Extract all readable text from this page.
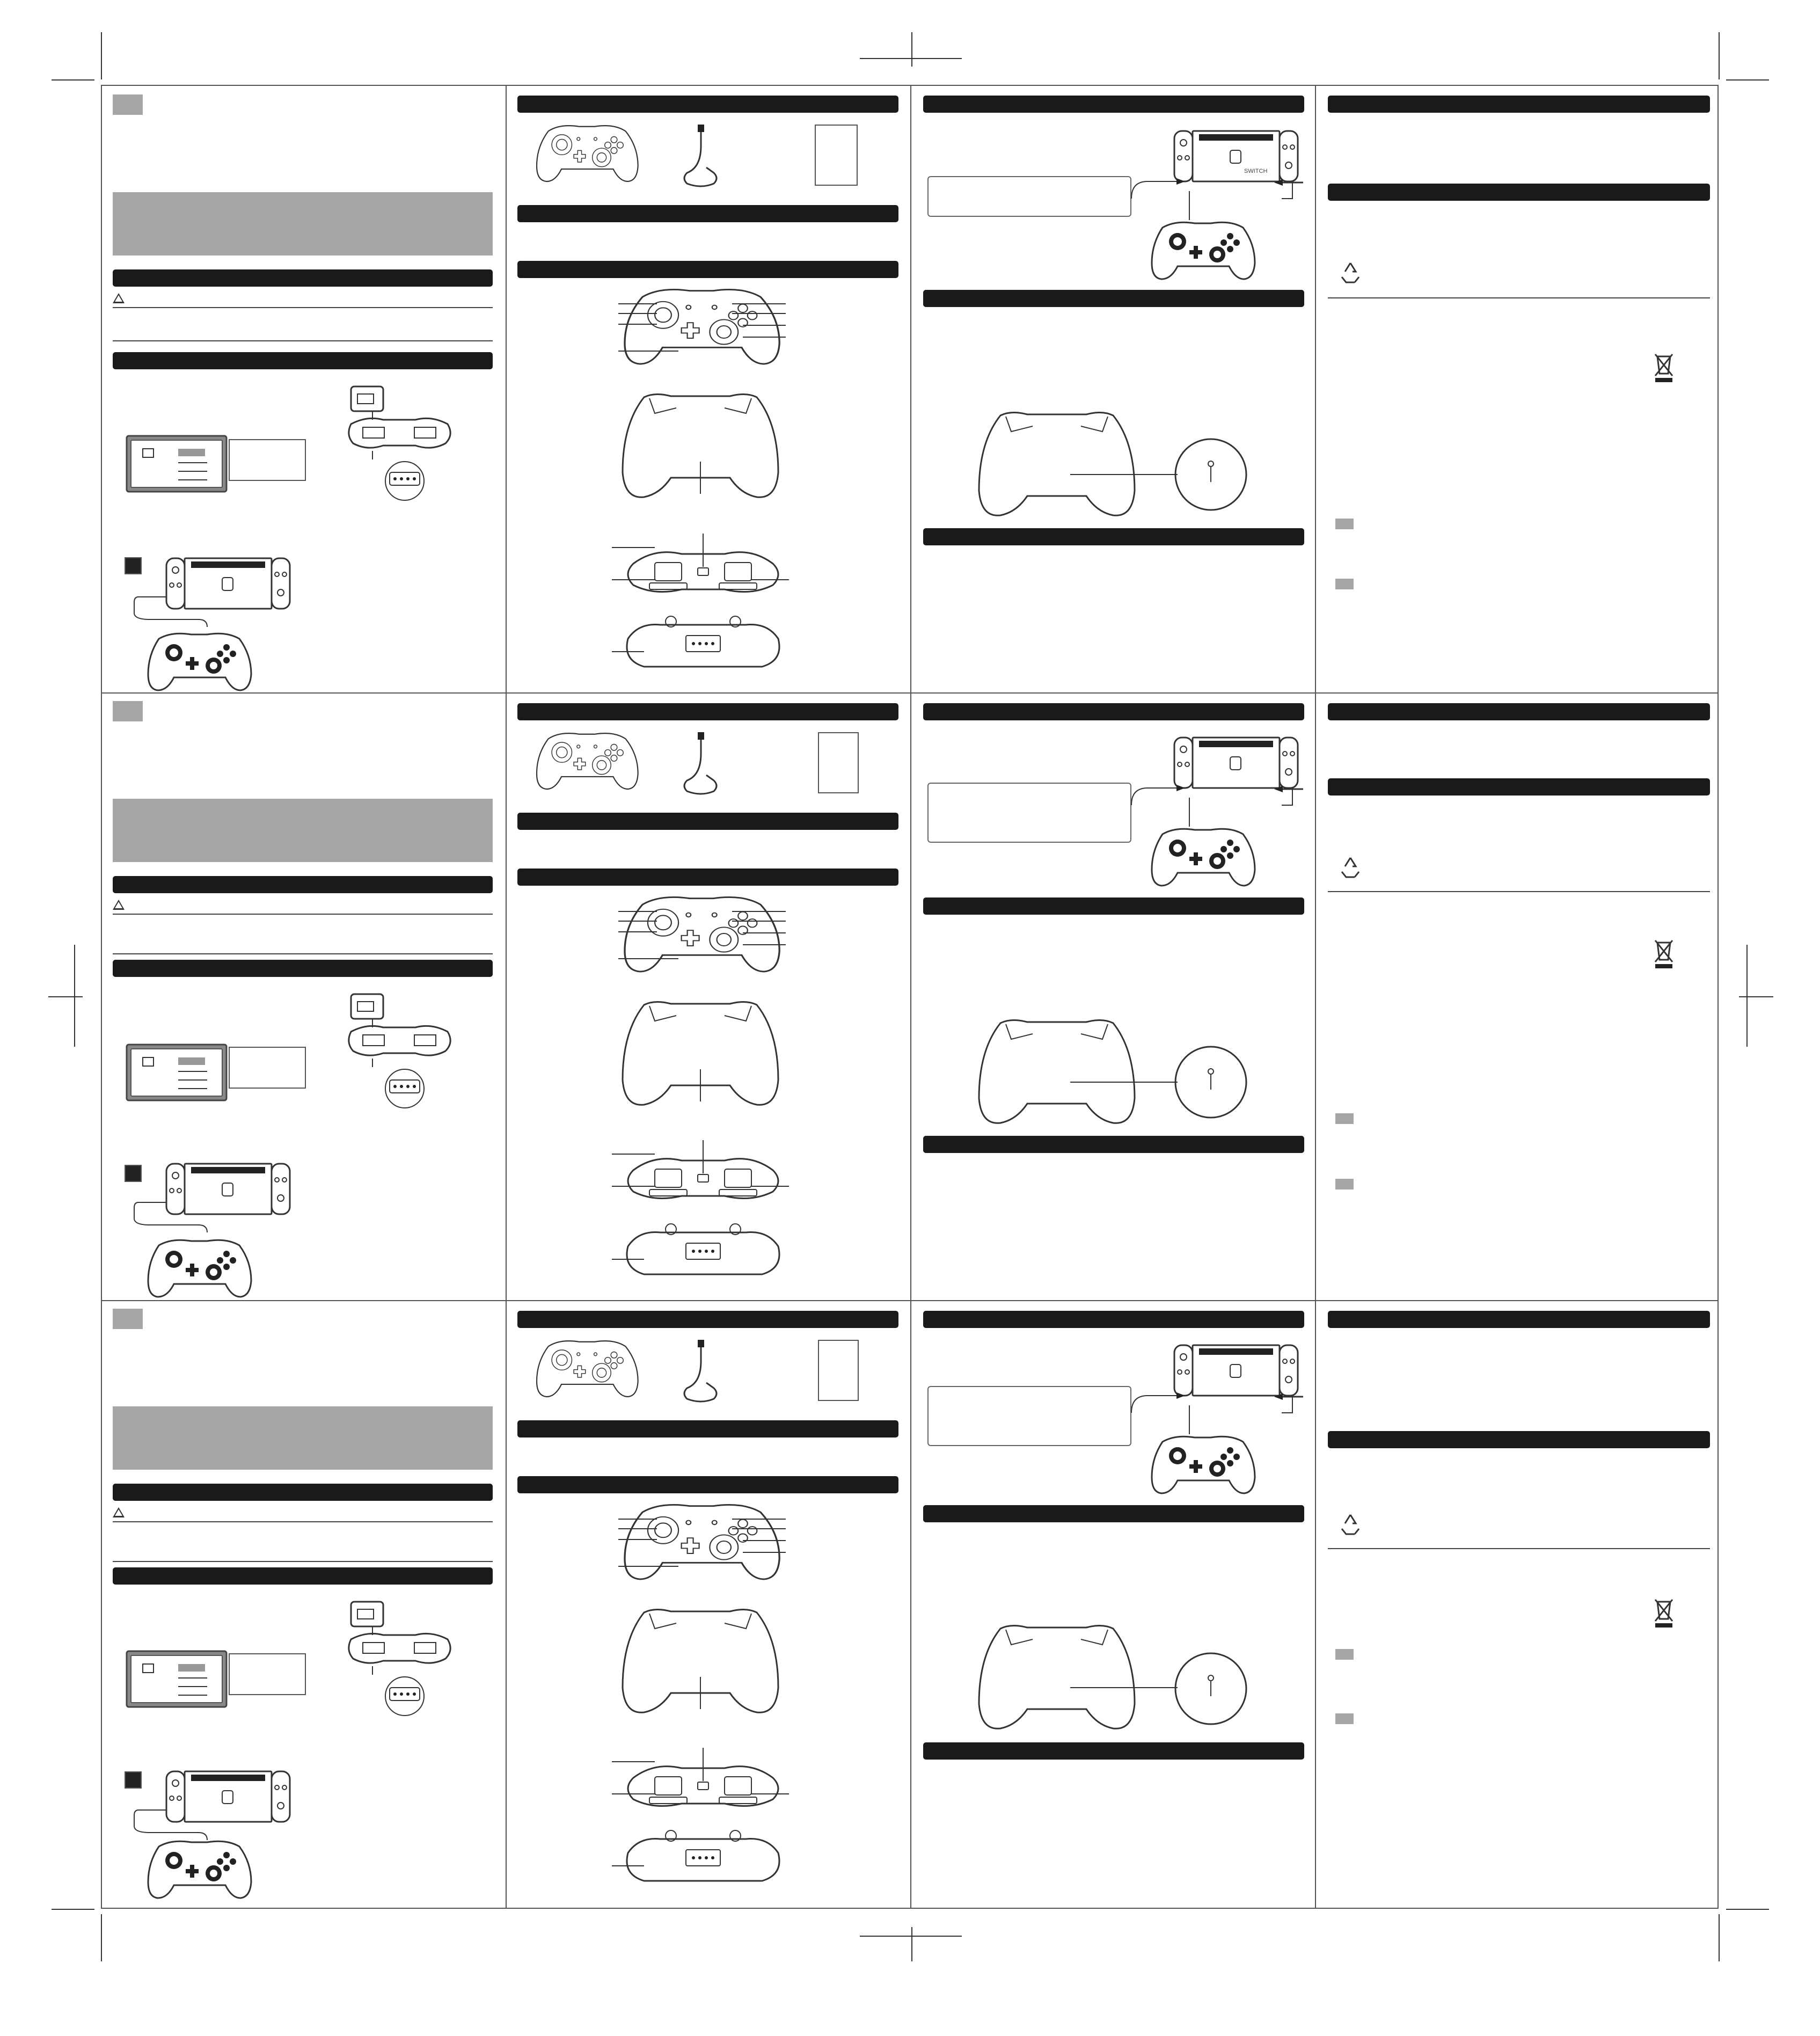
SWITCH
